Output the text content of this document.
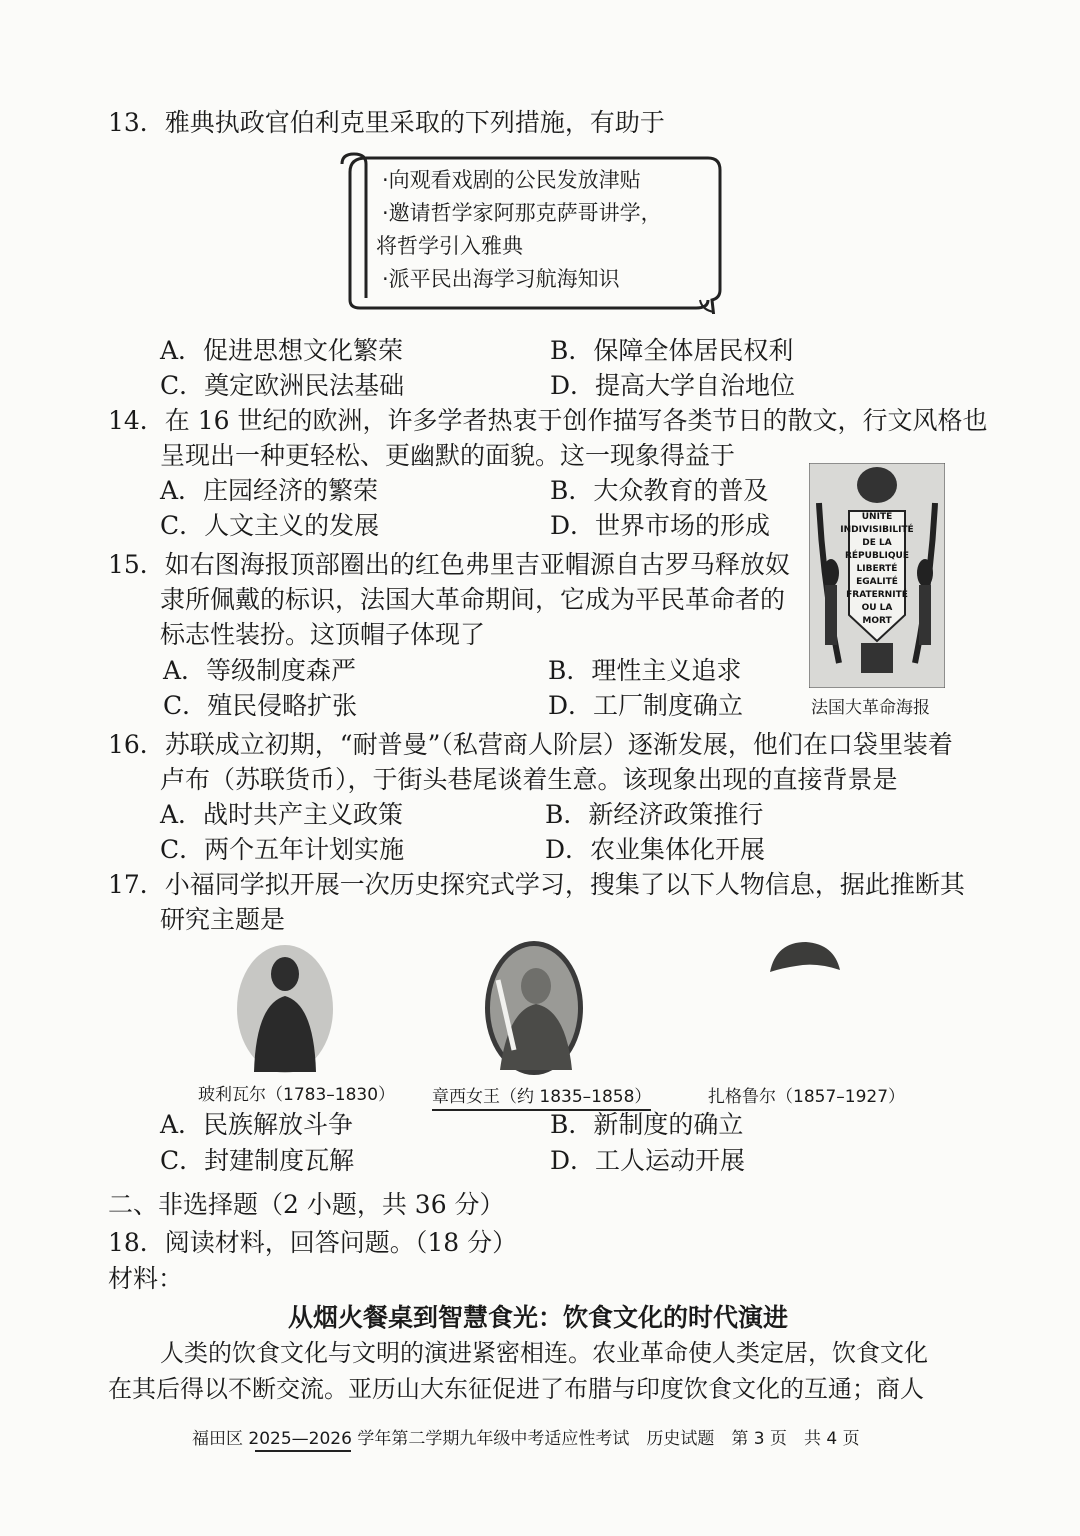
13．雅典执政官伯利克里采取的下列措施，有助于
·向观看戏剧的公民发放津贴
·邀请哲学家阿那克萨哥讲学，
将哲学引入雅典
·派平民出海学习航海知识
A．促进思想文化繁荣	B．保障全体居民权利
C．奠定欧洲民法基础	D．提高大学自治地位
14．在 16 世纪的欧洲，许多学者热衷于创作描写各类节日的散文，行文风格也
呈现出一种更轻松、更幽默的面貌。这一现象得益于
A．庄园经济的繁荣	B．大众教育的普及
C．人文主义的发展	D．世界市场的形成	UNITÉ
INDIVISIBILITÉ
DE LA
RÉPUBLIQUE
LIBERTÉ
EGALITÉ
FRATERNITÉ
OU LA
MORT
法国大革命海报
15．如右图海报顶部圈出的红色弗里吉亚帽源自古罗马释放奴
隶所佩戴的标识，法国大革命期间，它成为平民革命者的
标志性装扮。这顶帽子体现了
A．等级制度森严	B．理性主义追求
C．殖民侵略扩张	D．工厂制度确立
16．苏联成立初期，“耐普曼”（私营商人阶层）逐渐发展，他们在口袋里装着
卢布（苏联货币），于街头巷尾谈着生意。该现象出现的直接背景是
A．战时共产主义政策	B．新经济政策推行
C．两个五年计划实施	D．农业集体化开展
17．小福同学拟开展一次历史探究式学习，搜集了以下人物信息，据此推断其
研究主题是
玻利瓦尔（1783–1830） 章西女王（约 1835–1858）	扎格鲁尔（1857–1927）
A．民族解放斗争	B．新制度的确立
C．封建制度瓦解	D．工人运动开展
二、非选择题（2 小题，共 36 分）
18．阅读材料，回答问题。（18 分）
材料：
从烟火餐桌到智慧食光：饮食文化的时代演进
人类的饮食文化与文明的演进紧密相连。农业革命使人类定居，饮食文化
在其后得以不断交流。亚历山大东征促进了布腊与印度饮食文化的互通；商人
福田区 2025—2026 学年第二学期九年级中考适应性考试　历史试题　第 3 页　共 4 页
